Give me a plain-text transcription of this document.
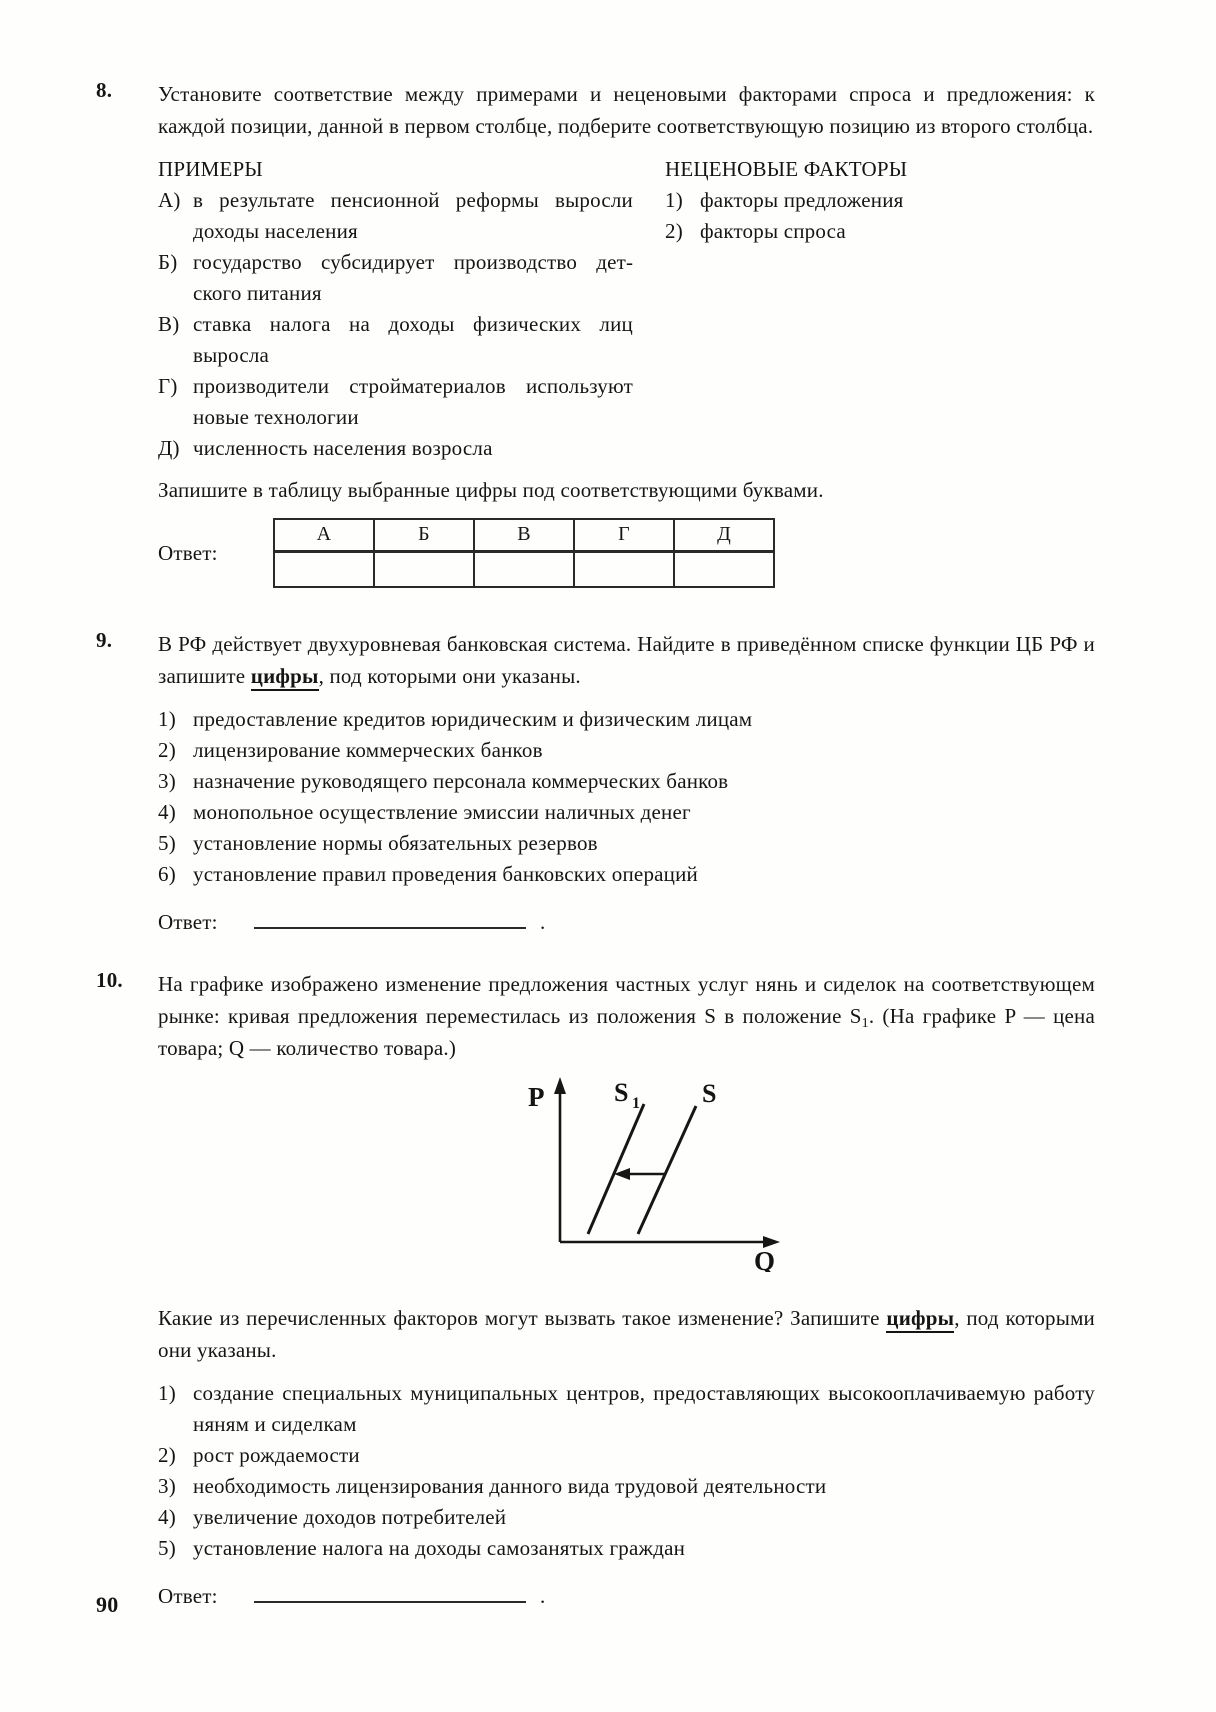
8.	Установите соответствие между примерами и неценовыми факторами спроса и предложения: к каждой позиции, данной в первом столбце, подберите соответствующую позицию из второго столбца.
ПРИМЕРЫ
А) в результате пенсионной реформы выросли доходы населения
Б) государство субсидирует производство детского питания
В) ставка налога на доходы физических лиц выросла
Г) производители стройматериалов используют новые технологии
Д) численность населения возросла
НЕЦЕНОВЫЕ ФАКТОРЫ
1) факторы предложения
2) факторы спроса
Запишите в таблицу выбранные цифры под соответствующими буквами.
Ответ:
А	Б	В	Г	Д

9.	В РФ действует двухуровневая банковская система. Найдите в приведённом списке функции ЦБ РФ и запишите цифры, под которыми они указаны.
1) предоставление кредитов юридическим и физическим лицам
2) лицензирование коммерческих банков
3) назначение руководящего персонала коммерческих банков
4) монопольное осуществление эмиссии наличных денег
5) установление нормы обязательных резервов
6) установление правил проведения банковских операций
Ответ:	.
10.	На графике изображено изменение предложения частных услуг нянь и сиделок на соответствующем рынке: кривая предложения переместилась из положения S в положение $S_1$. (На графике P — цена товара; Q — количество товара.)
P
Q
S 1 S
Какие из перечисленных факторов могут вызвать такое изменение? Запишите цифры, под которыми они указаны.
1) создание специальных муниципальных центров, предоставляющих высокооплачиваемую работу няням и сиделкам
2) рост рождаемости
3) необходимость лицензирования данного вида трудовой деятельности
4) увеличение доходов потребителей
5) установление налога на доходы самозанятых граждан
Ответ:	.
90
